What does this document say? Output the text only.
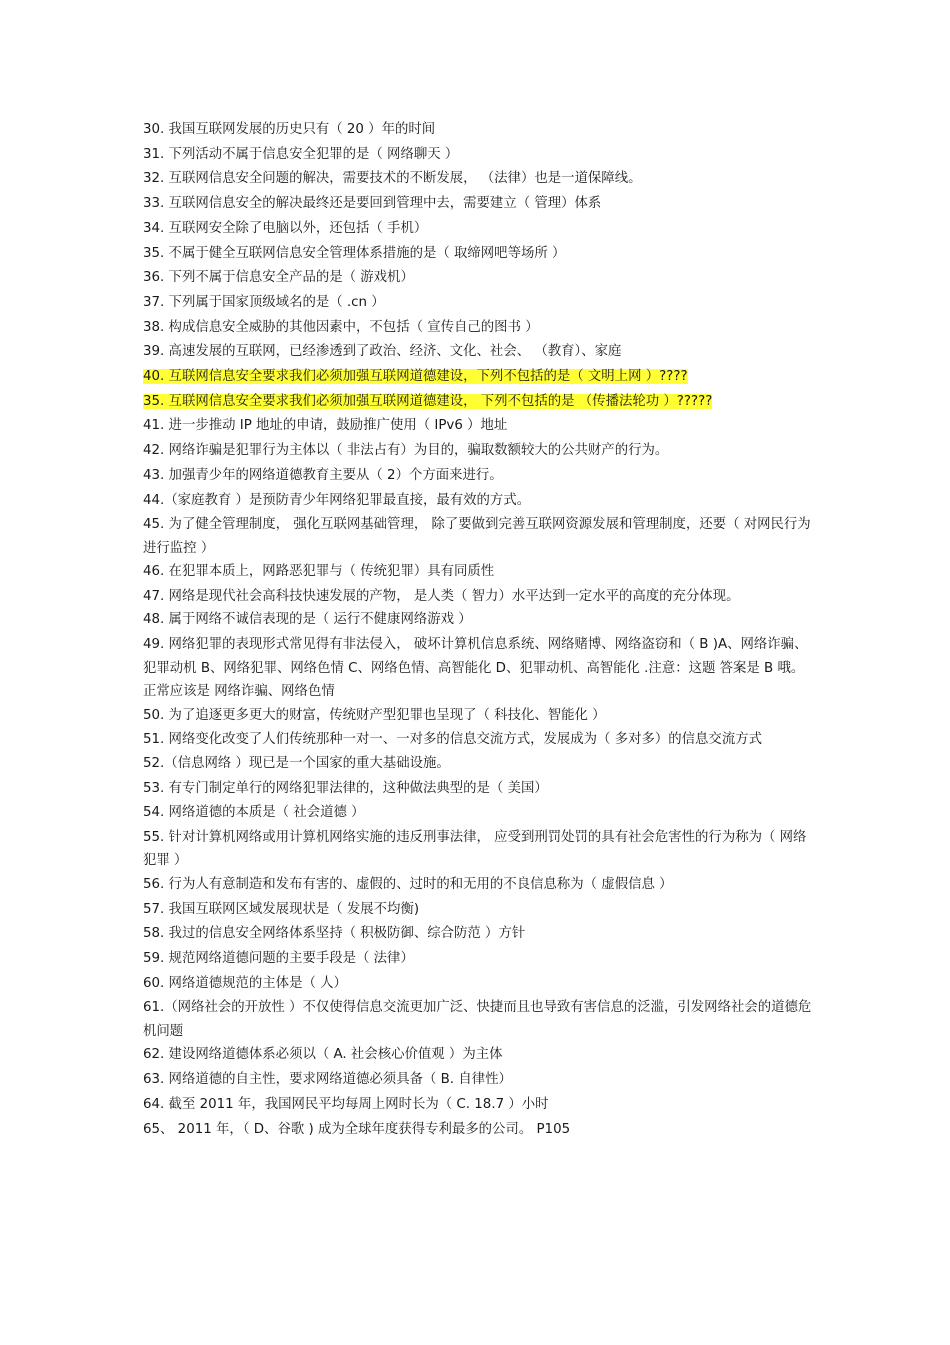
30. 我国互联网发展的历史只有（ 20 ）年的时间
31. 下列活动不属于信息安全犯罪的是（ 网络聊天 ）
32. 互联网信息安全问题的解决，需要技术的不断发展， （法律）也是一道保障线。
33. 互联网信息安全的解决最终还是要回到管理中去，需要建立（ 管理）体系
34. 互联网安全除了电脑以外，还包括（ 手机）
35. 不属于健全互联网信息安全管理体系措施的是（ 取缔网吧等场所 ）
36. 下列不属于信息安全产品的是（ 游戏机）
37. 下列属于国家顶级域名的是（ .cn ）
38. 构成信息安全威胁的其他因素中，不包括（ 宣传自己的图书 ）
39. 高速发展的互联网，已经渗透到了政治、经济、文化、社会、 （教育）、家庭
40. 互联网信息安全要求我们必须加强互联网道德建设，下列不包括的是（ 文明上网 ）????
35. 互联网信息安全要求我们必须加强互联网道德建设， 下列不包括的是 （传播法轮功 ）?????
41. 进一步推动 IP 地址的申请，鼓励推广使用（ IPv6 ）地址
42. 网络诈骗是犯罪行为主体以（ 非法占有）为目的，骗取数额较大的公共财产的行为。
43. 加强青少年的网络道德教育主要从（ 2）个方面来进行。
44.（家庭教育 ）是预防青少年网络犯罪最直接，最有效的方式。
45. 为了健全管理制度， 强化互联网基础管理， 除了要做到完善互联网资源发展和管理制度，还要（ 对网民行为进行监控 ）
46. 在犯罪本质上，网路恶犯罪与（ 传统犯罪）具有同质性
47. 网络是现代社会高科技快速发展的产物， 是人类（ 智力）水平达到一定水平的高度的充分体现。
48. 属于网络不诚信表现的是（ 运行不健康网络游戏 ）
49. 网络犯罪的表现形式常见得有非法侵入， 破坏计算机信息系统、网络赌博、网络盗窃和（ B )A、网络诈骗、犯罪动机 B、网络犯罪、网络色情 C、网络色情、高智能化 D、犯罪动机、高智能化 .注意：这题 答案是 B 哦。正常应该是 网络诈骗、网络色情
50. 为了追逐更多更大的财富，传统财产型犯罪也呈现了（ 科技化、智能化 ）
51. 网络变化改变了人们传统那种一对一、一对多的信息交流方式，发展成为（ 多对多）的信息交流方式
52.（信息网络 ）现已是一个国家的重大基础设施。
53. 有专门制定单行的网络犯罪法律的，这种做法典型的是（ 美国）
54. 网络道德的本质是（ 社会道德 ）
55. 针对计算机网络或用计算机网络实施的违反刑事法律， 应受到刑罚处罚的具有社会危害性的行为称为（ 网络犯罪 ）
56. 行为人有意制造和发布有害的、虚假的、过时的和无用的不良信息称为（ 虚假信息 ）
57. 我国互联网区域发展现状是（ 发展不均衡)
58. 我过的信息安全网络体系坚持（ 积极防御、综合防范 ）方针
59. 规范网络道德问题的主要手段是（ 法律）
60. 网络道德规范的主体是（ 人）
61.（网络社会的开放性 ）不仅使得信息交流更加广泛、快捷而且也导致有害信息的泛滥，引发网络社会的道德危机问题
62. 建设网络道德体系必须以（ A. 社会核心价值观 ）为主体
63. 网络道德的自主性，要求网络道德必须具备（ B. 自律性）
64. 截至 2011 年，我国网民平均每周上网时长为（ C. 18.7 ）小时
65、 2011 年，（ D、谷歌 ) 成为全球年度获得专利最多的公司。 P105
